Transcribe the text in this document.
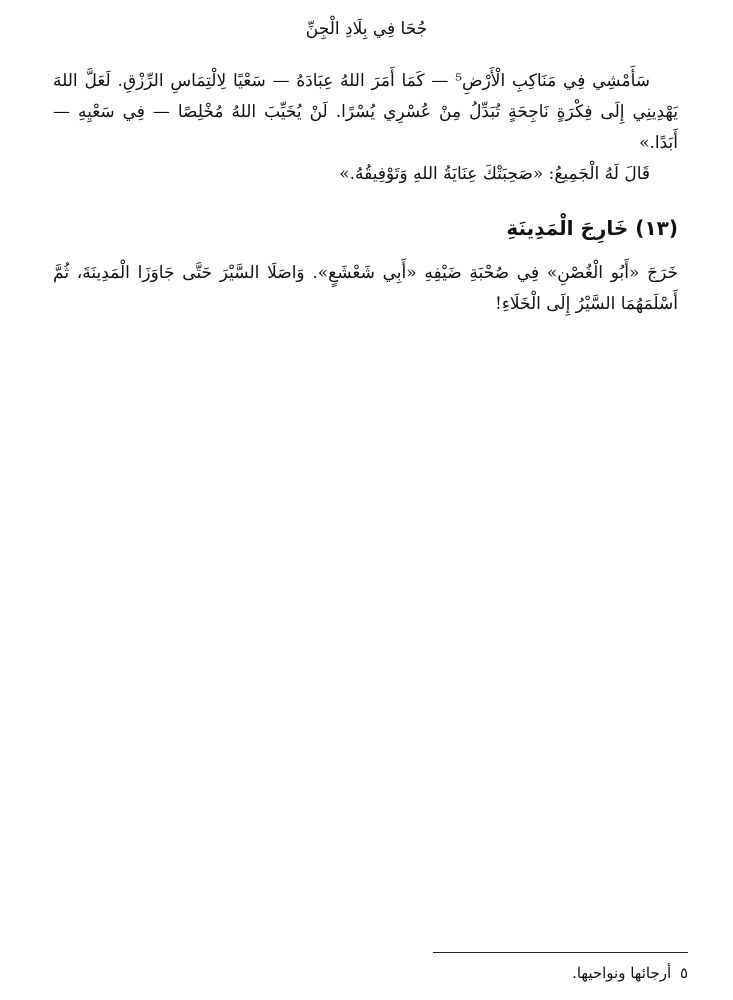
جُحَا فِي بِلَادِ الْجِنِّ

سَأَمْشِي فِي مَنَاكِبِ الْأَرْضِ⁵ — كَمَا أَمَرَ اللهُ عِبَادَهُ — سَعْيًا لِالْتِمَاسِ الرِّزْقِ. لَعَلَّ اللهَ يَهْدِينِي إِلَى فِكْرَةٍ نَاجِحَةٍ تُبَدِّلُ مِنْ عُسْرِي يُسْرًا. لَنْ يُخَيِّبَ اللهُ مُخْلِصًا — فِي سَعْيِهِ — أَبَدًا.»

قَالَ لَهُ الْجَمِيعُ: «صَحِبَتْكَ عِنَايَةُ اللهِ وَتَوْفِيقُهُ.»

(١٣) خَارِجَ الْمَدِينَةِ

خَرَجَ «أَبُو الْغُصْنِ» فِي صُحْبَةِ ضَيْفِهِ «أَبِي شَعْشَعٍ». وَاصَلَا السَّيْرَ حَتَّى جَاوَزَا الْمَدِينَةَ، ثُمَّ أَسْلَمَهُمَا السَّيْرُ إِلَى الْخَلَاءِ!

٥ أرجائها ونواحيها.
